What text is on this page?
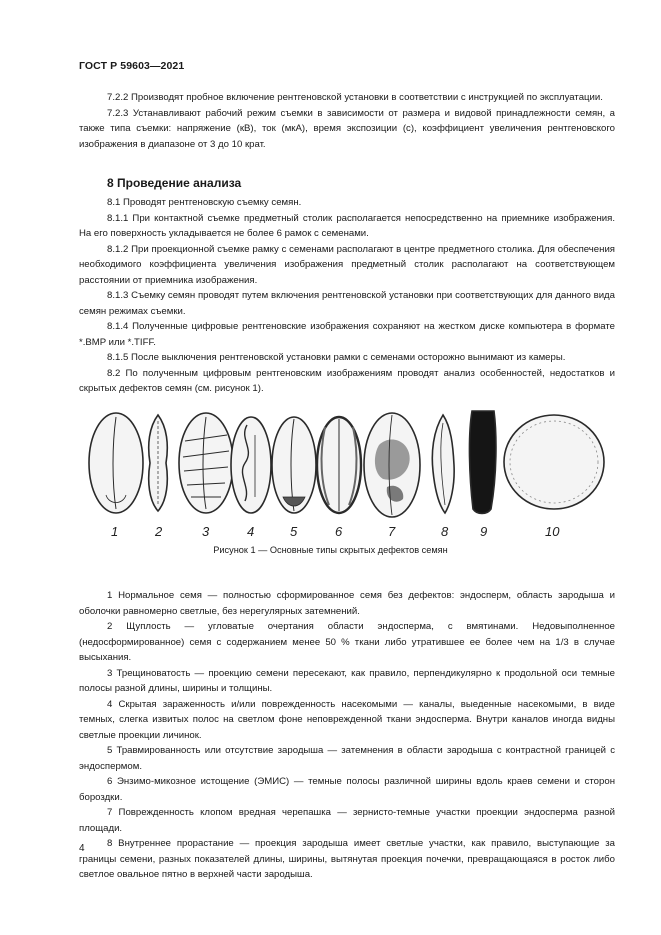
ГОСТ Р 59603—2021

7.2.2 Производят пробное включение рентгеновской установки в соответствии с инструкцией по эксплуатации.

7.2.3 Устанавливают рабочий режим съемки в зависимости от размера и видовой принадлежности семян, а также типа съемки: напряжение (кВ), ток (мкА), время экспозиции (с), коэффициент увеличения рентгеновского изображения в диапазоне от 3 до 10 крат.

8 Проведение анализа

8.1 Проводят рентгеновскую съемку семян.

8.1.1 При контактной съемке предметный столик располагается непосредственно на приемнике изображения. На его поверхность укладывается не более 6 рамок с семенами.

8.1.2 При проекционной съемке рамку с семенами располагают в центре предметного столика. Для обеспечения необходимого коэффициента увеличения изображения предметный столик располагают на соответствующем расстоянии от приемника изображения.

8.1.3 Съемку семян проводят путем включения рентгеновской установки при соответствующих для данного вида семян режимах съемки.

8.1.4 Полученные цифровые рентгеновские изображения сохраняют на жестком диске компьютера в формате *.BMP или *.TIFF.

8.1.5 После выключения рентгеновской установки рамки с семенами осторожно вынимают из камеры.

8.2 По полученным цифровым рентгеновским изображениям проводят анализ особенностей, недостатков и скрытых дефектов семян (см. рисунок 1).

1	2	3	4	5	6	7	8 9	10
Рисунок 1 — Основные типы скрытых дефектов семян

1 Нормальное семя — полностью сформированное семя без дефектов: эндосперм, область зародыша и оболочки равномерно светлые, без нерегулярных затемнений.

2 Щуплость — угловатые очертания области эндосперма, с вмятинами. Недовыполненное (недосформированное) семя с содержанием менее 50 % ткани либо утратившее ее более чем на 1/3 в случае высыхания.

3 Трещиноватость — проекцию семени пересекают, как правило, перпендикулярно к продольной оси темные полосы разной длины, ширины и толщины.

4 Скрытая зараженность и/или поврежденность насекомыми — каналы, выеденные насекомыми, в виде темных, слегка извитых полос на светлом фоне неповрежденной ткани эндосперма. Внутри каналов иногда видны светлые проекции личинок.

5 Травмированность или отсутствие зародыша — затемнения в области зародыша с контрастной границей с эндоспермом.

6 Энзимо-микозное истощение (ЭМИС) — темные полосы различной ширины вдоль краев семени и сторон бороздки.

7 Поврежденность клопом вредная черепашка — зернисто-темные участки проекции эндосперма разной площади.

8 Внутреннее прорастание — проекция зародыша имеет светлые участки, как правило, выступающие за границы семени, разных показателей длины, ширины, вытянутая проекция почечки, превращающаяся в росток либо светлое овальное пятно в верхней части зародыша.

4
